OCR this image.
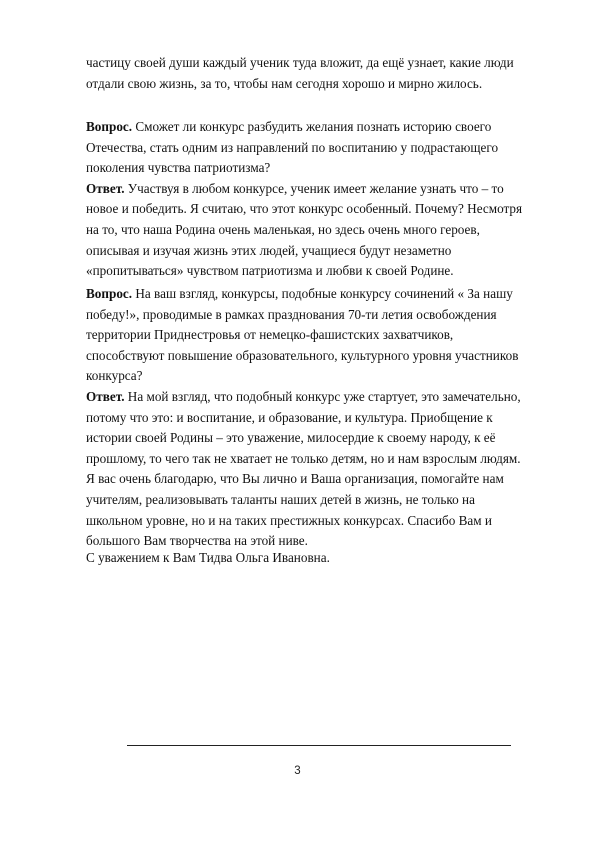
частицу своей души каждый ученик туда вложит, да ещё узнает, какие люди
отдали свою жизнь, за то, чтобы нам сегодня хорошо и мирно жилось.
Вопрос. Сможет ли конкурс разбудить желания познать историю своего
Отечества, стать одним из направлений по воспитанию у подрастающего
поколения чувства патриотизма?
Ответ. Участвуя в любом конкурсе, ученик имеет желание узнать что – то
новое и победить. Я считаю, что этот конкурс особенный. Почему? Несмотря
на то, что наша Родина очень маленькая, но здесь очень много героев,
описывая и изучая жизнь этих людей, учащиеся будут незаметно
«пропитываться» чувством патриотизма и любви к своей Родине.
Вопрос. На ваш взгляд, конкурсы, подобные конкурсу сочинений « За нашу
победу!», проводимые в рамках празднования 70-ти летия освобождения
территории Приднестровья от немецко-фашистских захватчиков,
способствуют повышение образовательного, культурного уровня участников
конкурса?
Ответ. На мой взгляд, что подобный конкурс уже стартует, это замечательно,
потому что это: и воспитание, и образование, и культура. Приобщение к
истории своей Родины – это уважение, милосердие к своему народу, к её
прошлому, то чего так не хватает не только детям, но и нам взрослым людям.
Я вас очень благодарю, что Вы лично и Ваша организация, помогайте нам
учителям, реализовывать таланты наших детей в жизнь, не только на
школьном уровне, но и на таких престижных конкурсах. Спасибо Вам и
большого Вам творчества на этой ниве.
С уважением к Вам Тидва Ольга Ивановна.
3
